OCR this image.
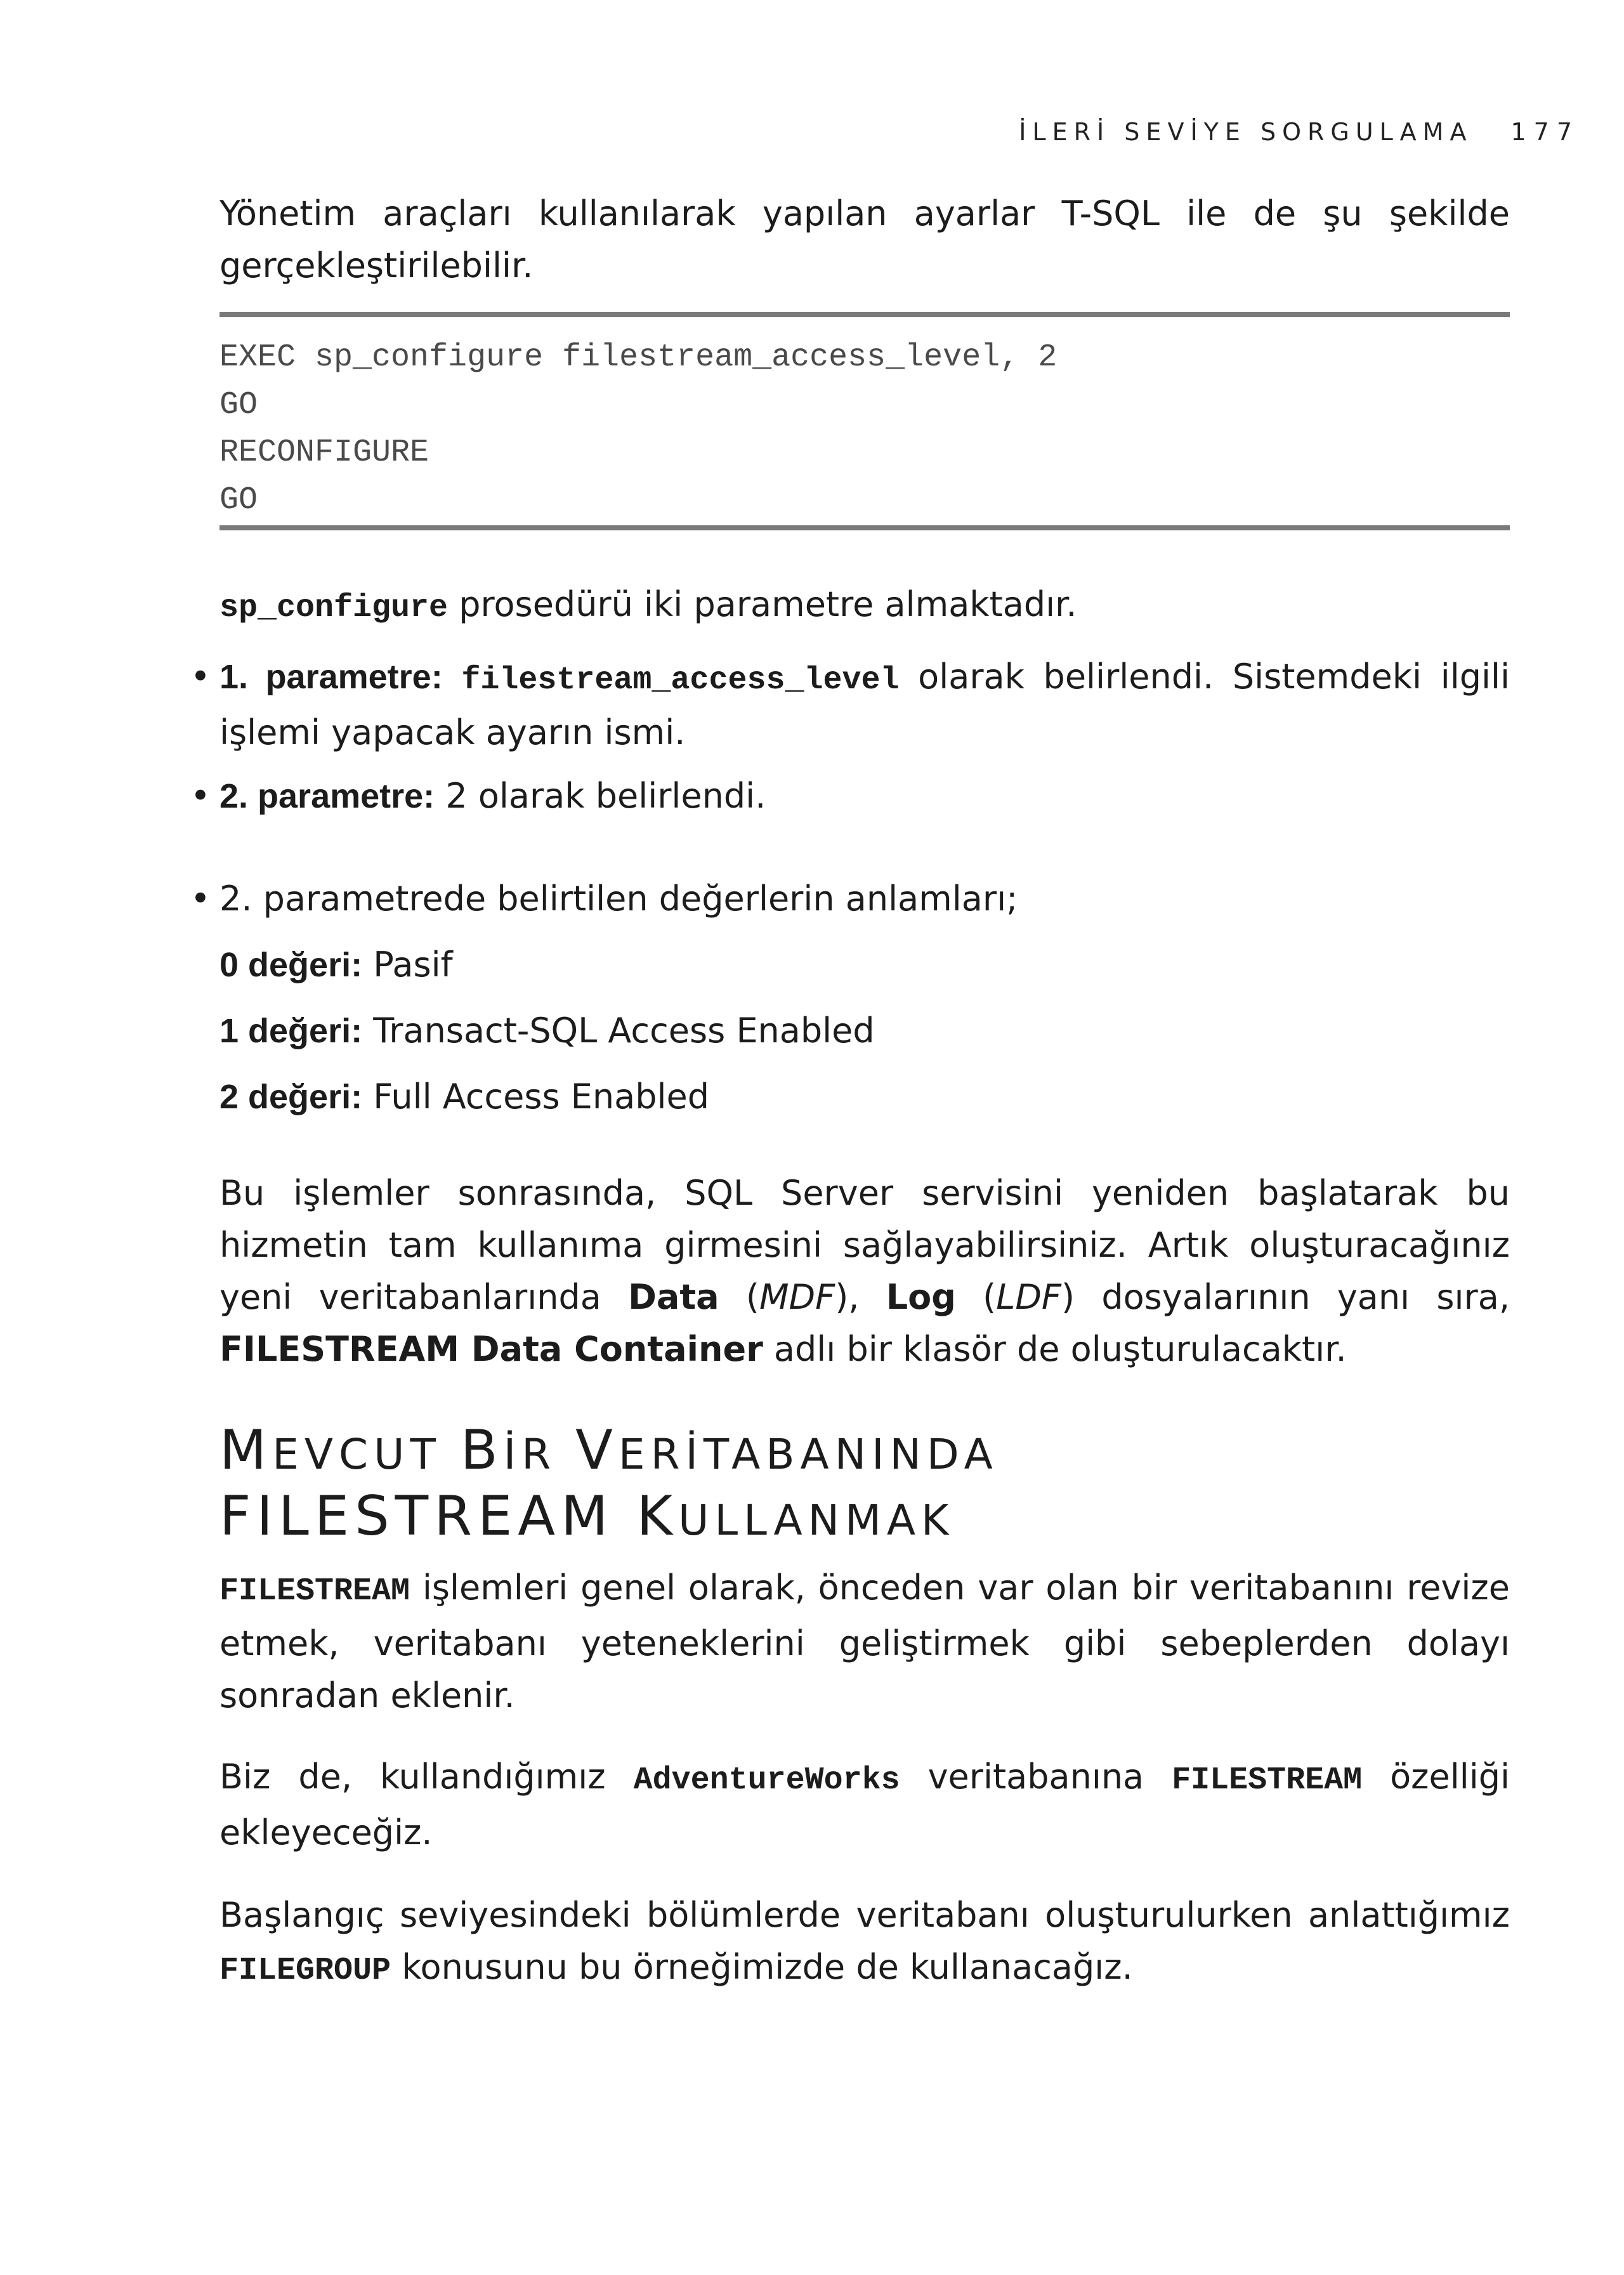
İLERİ SEVİYE SORGULAMA 177

Yönetim araçları kullanılarak yapılan ayarlar T-SQL ile de şu şekilde gerçekleştirilebilir.

EXEC sp_configure filestream_access_level, 2
GO
RECONFIGURE
GO

sp_configure prosedürü iki parametre almaktadır.

• 1. parametre: filestream_access_level olarak belirlendi. Sistemdeki ilgili işlemi yapacak ayarın ismi.

• 2. parametre: 2 olarak belirlendi.

• 2. parametrede belirtilen değerlerin anlamları;

0 değeri: Pasif
1 değeri: Transact-SQL Access Enabled
2 değeri: Full Access Enabled

Bu işlemler sonrasında, SQL Server servisini yeniden başlatarak bu hizmetin tam kullanıma girmesini sağlayabilirsiniz. Artık oluşturacağınız yeni veritabanlarında Data (MDF), Log (LDF) dosyalarının yanı sıra, FILESTREAM Data Container adlı bir klasör de oluşturulacaktır.

MEVCUT BİR VERİTABANINDA
FILESTREAM KULLANMAK

FILESTREAM işlemleri genel olarak, önceden var olan bir veritabanını revize etmek, veritabanı yeteneklerini geliştirmek gibi sebeplerden dolayı sonradan eklenir.

Biz de, kullandığımız AdventureWorks veritabanına FILESTREAM özelliği ekleyeceğiz.

Başlangıç seviyesindeki bölümlerde veritabanı oluşturulurken anlattığımız FILEGROUP konusunu bu örneğimizde de kullanacağız.
